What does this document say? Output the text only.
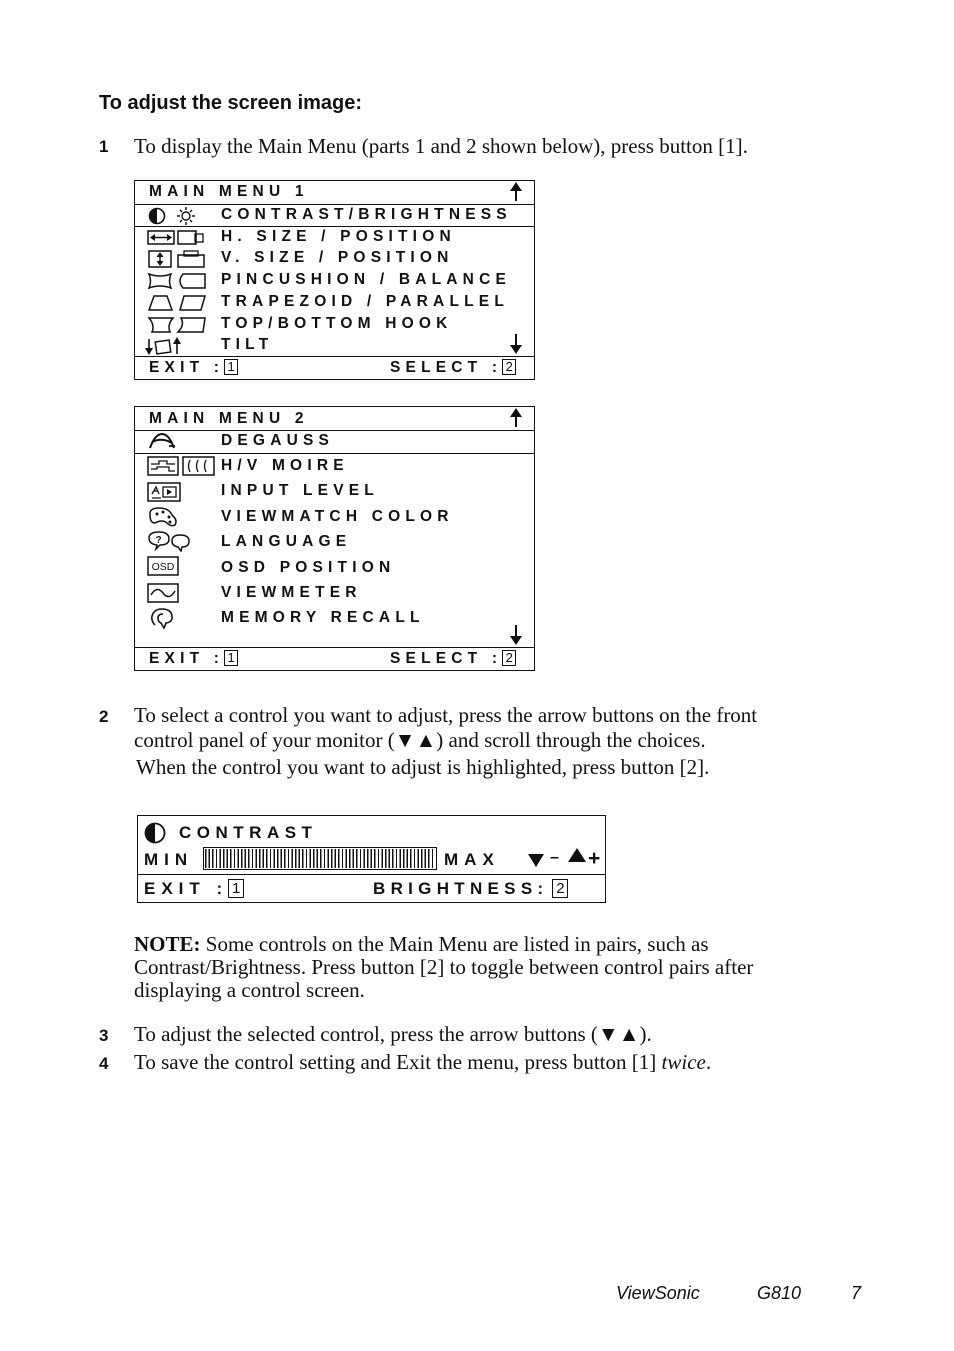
To adjust the screen image:
1 To display the Main Menu (parts 1 and 2 shown below), press button [1].
MAIN MENU 1
CONTRAST/BRIGHTNESS
H. SIZE / POSITION
V. SIZE / POSITION
PINCUSHION / BALANCE
TRAPEZOID / PARALLEL
TOP/BOTTOM HOOK
TILT
EXIT : 1	SELECT : 2
MAIN MENU 2
DEGAUSS
H/V MOIRE
INPUT LEVEL
VIEWMATCH COLOR
?	LANGUAGE
OSD	OSD POSITION
VIEWMETER
MEMORY RECALL
EXIT : 1	SELECT : 2
2 To select a control you want to adjust, press the arrow buttons on the front
control panel of your monitor (▼▲) and scroll through the choices.
When the control you want to adjust is highlighted, press button [2].
CONTRAST
MIN	MAX	– +
EXIT : 1	BRIGHTNESS: 2
NOTE: Some controls on the Main Menu are listed in pairs, such as
Contrast/Brightness. Press button [2] to toggle between control pairs after
displaying a control screen.
3 To adjust the selected control, press the arrow buttons (▼▲).
4 To save the control setting and Exit the menu, press button [1] twice.
ViewSonic	G810	7
